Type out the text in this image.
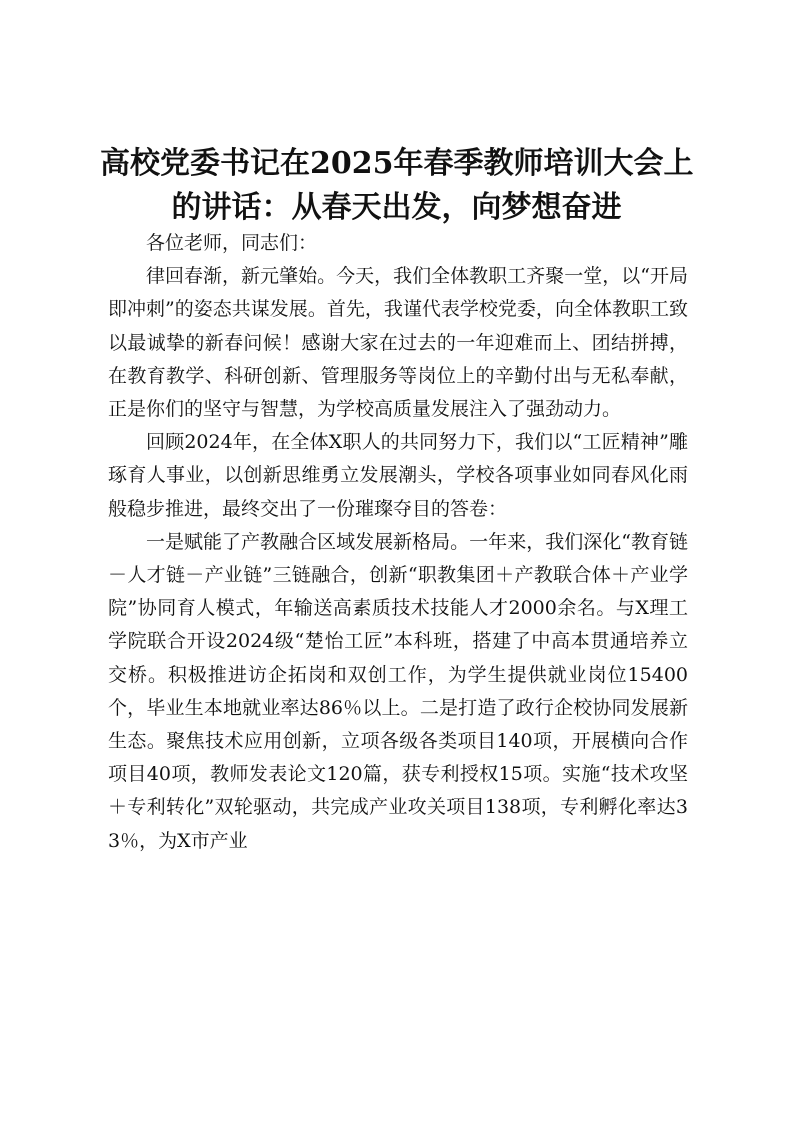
高校党委书记在2025年春季教师培训大会上
的讲话：从春天出发，向梦想奋进

各位老师，同志们：

律回春渐，新元肇始。今天，我们全体教职工齐聚一堂，以“开局即冲刺”的姿态共谋发展。首先，我谨代表学校党委，向全体教职工致以最诚挚的新春问候！感谢大家在过去的一年迎难而上、团结拼搏，在教育教学、科研创新、管理服务等岗位上的辛勤付出与无私奉献，正是你们的坚守与智慧，为学校高质量发展注入了强劲动力。

回顾2024年，在全体X职人的共同努力下，我们以“工匠精神”雕琢育人事业，以创新思维勇立发展潮头，学校各项事业如同春风化雨般稳步推进，最终交出了一份璀璨夺目的答卷：

一是赋能了产教融合区域发展新格局。一年来，我们深化“教育链－人才链－产业链”三链融合，创新“职教集团＋产教联合体＋产业学院”协同育人模式，年输送高素质技术技能人才2000余名。与X理工学院联合开设2024级“楚怡工匠”本科班，搭建了中高本贯通培养立交桥。积极推进访企拓岗和双创工作，为学生提供就业岗位15400个，毕业生本地就业率达86％以上。二是打造了政行企校协同发展新生态。聚焦技术应用创新，立项各级各类项目140项，开展横向合作项目40项，教师发表论文120篇，获专利授权15项。实施“技术攻坚＋专利转化”双轮驱动，共完成产业攻关项目138项，专利孵化率达33％，为X市产业
